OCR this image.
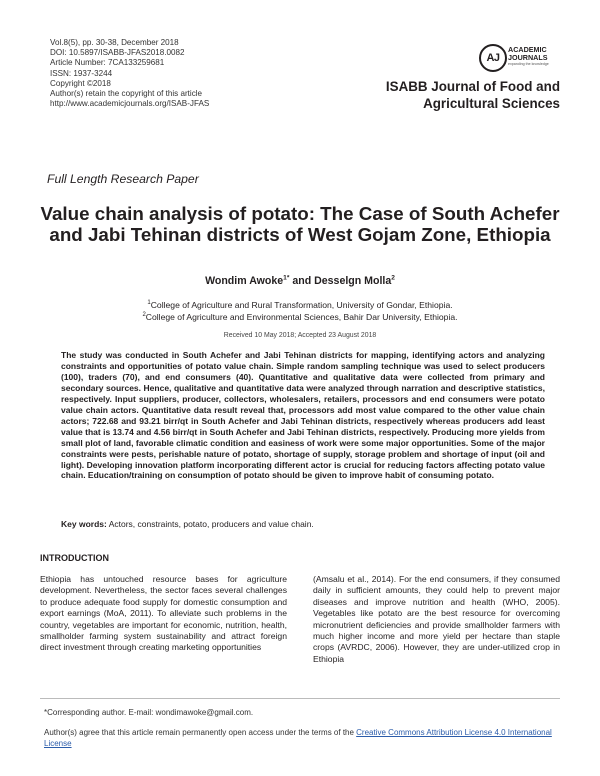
Vol.8(5), pp. 30-38, December 2018
DOI: 10.5897/ISABB-JFAS2018.0082
Article Number: 7CA133259681
ISSN: 1937-3244
Copyright ©2018
Author(s) retain the copyright of this article
http://www.academicjournals.org/ISAB-JFAS
AJ
ACADEMIC
JOURNALS
expanding the knowledge
ISABB Journal of Food and Agricultural Sciences
Full Length Research Paper
Value chain analysis of potato: The Case of South Achefer and Jabi Tehinan districts of West Gojam Zone, Ethiopia
Wondim Awoke$^{1*}$ and Desselgn Molla$^2$
$^1$College of Agriculture and Rural Transformation, University of Gondar, Ethiopia.
$^2$College of Agriculture and Environmental Sciences, Bahir Dar University, Ethiopia.
Received 10 May 2018; Accepted 23 August 2018
The study was conducted in South Achefer and Jabi Tehinan districts for mapping, identifying actors and analyzing constraints and opportunities of potato value chain. Simple random sampling technique was used to select producers (100), traders (70), and end consumers (40). Quantitative and qualitative data were collected from primary and secondary sources. Hence, qualitative and quantitative data were analyzed through narration and descriptive statistics, respectively. Input suppliers, producer, collectors, wholesalers, retailers, processors and end consumers were potato value chain actors. Quantitative data result reveal that, processors add most value compared to the other value chain actors; 722.68 and 93.21 birr/qt in South Achefer and Jabi Tehinan districts, respectively whereas producers add least value that is 13.74 and 4.56 birr/qt in South Achefer and Jabi Tehinan districts, respectively. Producing more yields from small plot of land, favorable climatic condition and easiness of work were some major opportunities. Some of the major constraints were pests, perishable nature of potato, shortage of supply, storage problem and shortage of input (oil and light). Developing innovation platform incorporating different actor is crucial for reducing factors affecting potato value chain. Education/training on consumption of potato should be given to improve habit of consuming potato.
Key words: Actors, constraints, potato, producers and value chain.
INTRODUCTION
Ethiopia has untouched resource bases for agriculture development. Nevertheless, the sector faces several challenges to produce adequate food supply for domestic consumption and export earnings (MoA, 2011). To alleviate such problems in the country, vegetables are important for economic, nutrition, health, smallholder farming system sustainability and attract foreign direct investment through creating marketing opportunities
(Amsalu et al., 2014). For the end consumers, if they consumed daily in sufficient amounts, they could help to prevent major diseases and improve nutrition and health (WHO, 2005). Vegetables like potato are the best resource for overcoming micronutrient deficiencies and provide smallholder farmers with much higher income and more yield per hectare than staple crops (AVRDC, 2006). However, they are under-utilized crop in Ethiopia
*Corresponding author. E-mail: wondimawoke@gmail.com.
Author(s) agree that this article remain permanently open access under the terms of the Creative Commons Attribution License 4.0 International License
